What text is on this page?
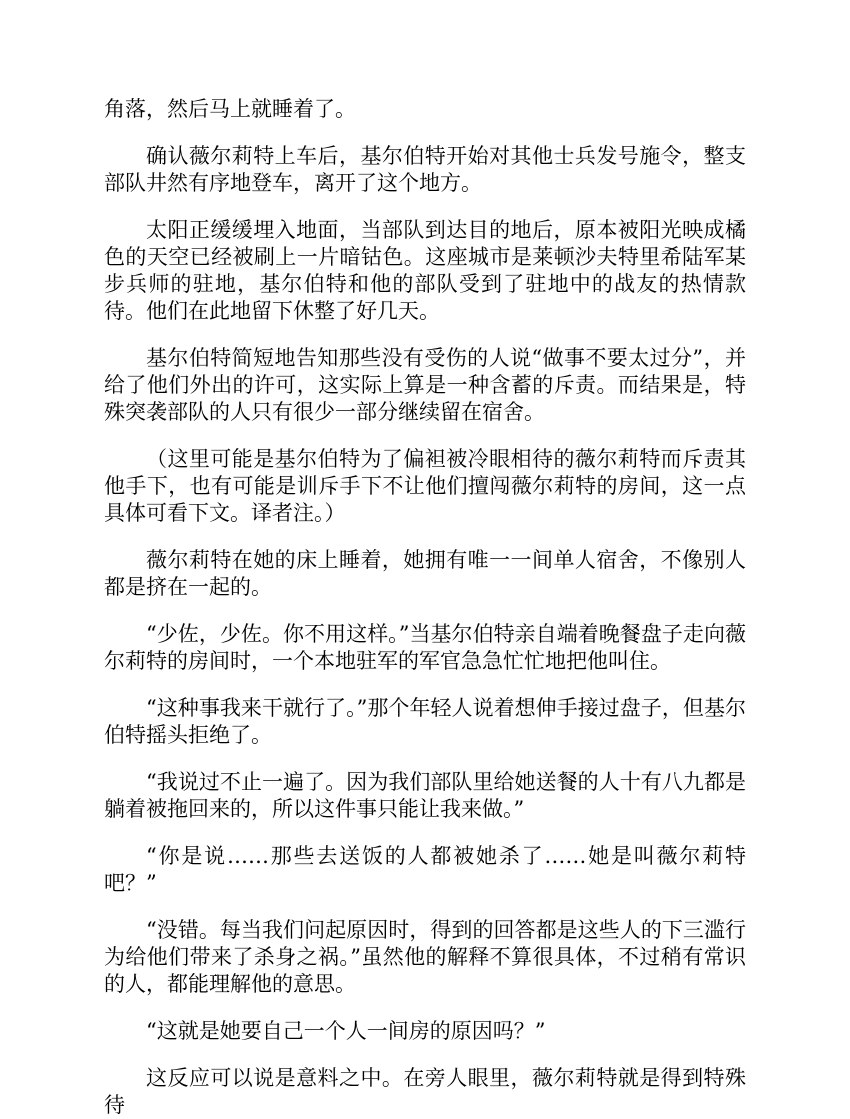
角落，然后马上就睡着了。

确认薇尔莉特上车后，基尔伯特开始对其他士兵发号施令，整支部队井然有序地登车，离开了这个地方。

太阳正缓缓埋入地面，当部队到达目的地后，原本被阳光映成橘色的天空已经被刷上一片暗钴色。这座城市是莱顿沙夫特里希陆军某步兵师的驻地，基尔伯特和他的部队受到了驻地中的战友的热情款待。他们在此地留下休整了好几天。

基尔伯特简短地告知那些没有受伤的人说“做事不要太过分”，并给了他们外出的许可，这实际上算是一种含蓄的斥责。而结果是，特殊突袭部队的人只有很少一部分继续留在宿舍。

（这里可能是基尔伯特为了偏袒被冷眼相待的薇尔莉特而斥责其他手下，也有可能是训斥手下不让他们擅闯薇尔莉特的房间，这一点具体可看下文。译者注。）

薇尔莉特在她的床上睡着，她拥有唯一一间单人宿舍，不像别人都是挤在一起的。

“少佐，少佐。你不用这样。”当基尔伯特亲自端着晚餐盘子走向薇尔莉特的房间时，一个本地驻军的军官急急忙忙地把他叫住。

“这种事我来干就行了。”那个年轻人说着想伸手接过盘子，但基尔伯特摇头拒绝了。

“我说过不止一遍了。因为我们部队里给她送餐的人十有八九都是躺着被拖回来的，所以这件事只能让我来做。”

“你是说……那些去送饭的人都被她杀了……她是叫薇尔莉特吧？”

“没错。每当我们问起原因时，得到的回答都是这些人的下三滥行为给他们带来了杀身之祸。”虽然他的解释不算很具体，不过稍有常识的人，都能理解他的意思。

“这就是她要自己一个人一间房的原因吗？”

这反应可以说是意料之中。在旁人眼里，薇尔莉特就是得到特殊待
